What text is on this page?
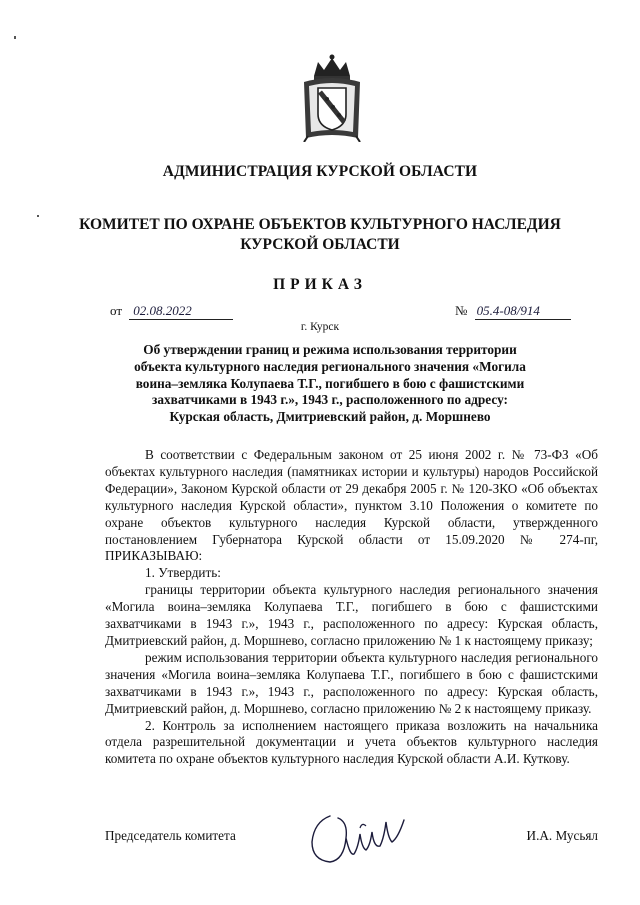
АДМИНИСТРАЦИЯ КУРСКОЙ ОБЛАСТИ
КОМИТЕТ ПО ОХРАНЕ ОБЪЕКТОВ КУЛЬТУРНОГО НАСЛЕДИЯ
КУРСКОЙ ОБЛАСТИ
ПРИКАЗ
от 02.08.2022	№ 05.4-08/914
г. Курск
Об утверждении границ и режима использования территории объекта культурного наследия регионального значения «Могила воина–земляка Колупаева Т.Г., погибшего в бою с фашистскими захватчиками в 1943 г.», 1943 г., расположенного по адресу: Курская область, Дмитриевский район, д. Моршнево

В соответствии с Федеральным законом от 25 июня 2002 г. № 73-ФЗ «Об объектах культурного наследия (памятниках истории и культуры) народов Российской Федерации», Законом Курской области от 29 декабря 2005 г. № 120-ЗКО «Об объектах культурного наследия Курской области», пунктом 3.10 Положения о комитете по охране объектов культурного наследия Курской области, утвержденного постановлением Губернатора Курской области от 15.09.2020 № 274-пг, ПРИКАЗЫВАЮ:

1. Утвердить:

границы территории объекта культурного наследия регионального значения «Могила воина–земляка Колупаева Т.Г., погибшего в бою с фашистскими захватчиками в 1943 г.», 1943 г., расположенного по адресу: Курская область, Дмитриевский район, д. Моршнево, согласно приложению № 1 к настоящему приказу;

режим использования территории объекта культурного наследия регионального значения «Могила воина–земляка Колупаева Т.Г., погибшего в бою с фашистскими захватчиками в 1943 г.», 1943 г., расположенного по адресу: Курская область, Дмитриевский район, д. Моршнево, согласно приложению № 2 к настоящему приказу.

2. Контроль за исполнением настоящего приказа возложить на начальника отдела разрешительной документации и учета объектов культурного наследия комитета по охране объектов культурного наследия Курской области А.И. Куткову.

Председатель комитета	И.А. Мусьял
